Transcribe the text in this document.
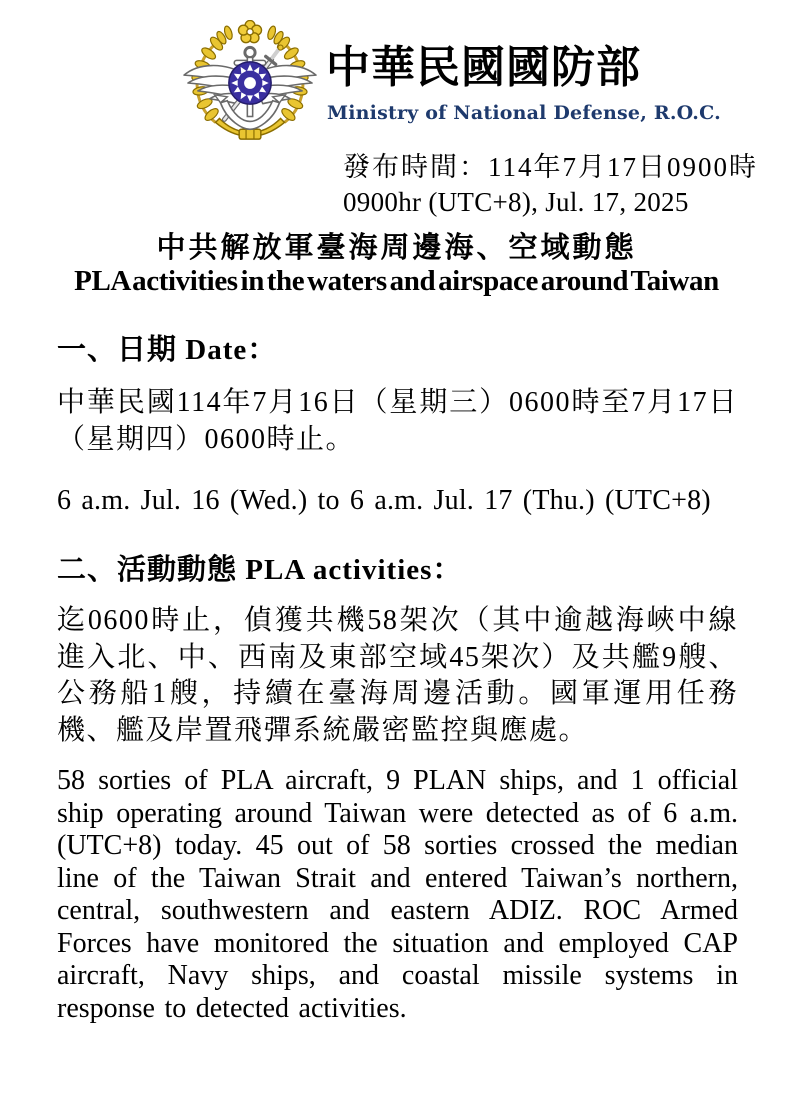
中華民國國防部
Ministry of National Defense, R.O.C.
發布時間：114年7月17日0900時
0900hr (UTC+8), Jul. 17, 2025
中共解放軍臺海周邊海、空域動態
PLA activities in the waters and airspace around Taiwan
一、日期 Date：
中華民國114年7月16日（星期三）0600時至7月17日（星期四）0600時止。
6 a.m. Jul. 16 (Wed.) to 6 a.m. Jul. 17 (Thu.) (UTC+8)
二、活動動態 PLA activities：
迄0600時止，偵獲共機58架次（其中逾越海峽中線進入北、中、西南及東部空域45架次）及共艦9艘、公務船1艘，持續在臺海周邊活動。國軍運用任務機、艦及岸置飛彈系統嚴密監控與應處。
58 sorties of PLA aircraft, 9 PLAN ships, and 1 official ship operating around Taiwan were detected as of 6 a.m. (UTC+8) today. 45 out of 58 sorties crossed the median line of the Taiwan Strait and entered Taiwan’s northern, central, southwestern and eastern ADIZ. ROC Armed Forces have monitored the situation and employed CAP aircraft, Navy ships, and coastal missile systems in response to detected activities.
